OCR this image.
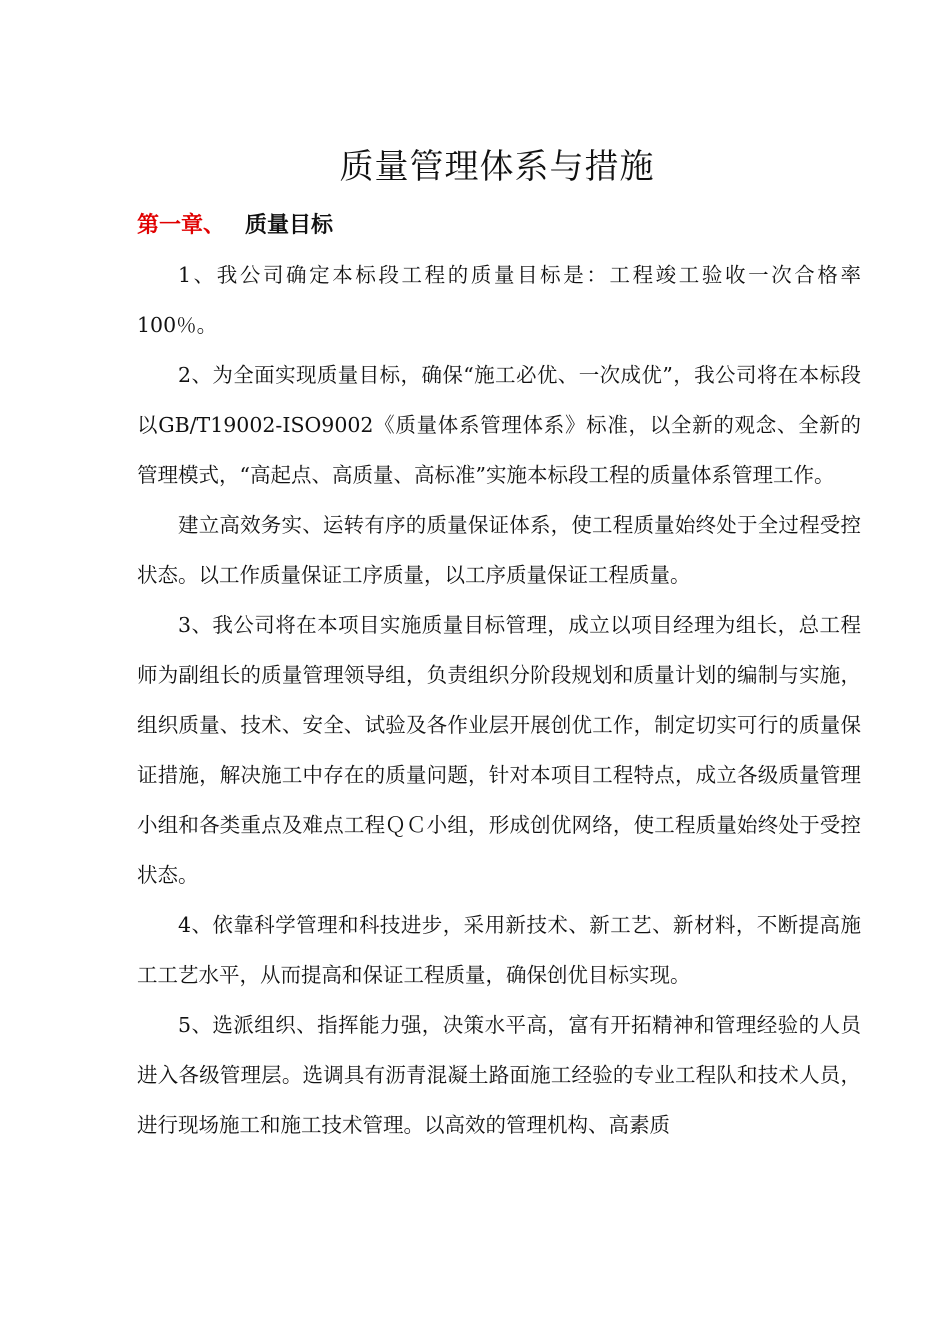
质量管理体系与措施
第一章、 质量目标

1、我公司确定本标段工程的质量目标是：工程竣工验收一次合格率100％。

2、为全面实现质量目标，确保“施工必优、一次成优”，我公司将在本标段以GB/T19002-ISO9002《质量体系管理体系》标准，以全新的观念、全新的管理模式，“高起点、高质量、高标准”实施本标段工程的质量体系管理工作。

建立高效务实、运转有序的质量保证体系，使工程质量始终处于全过程受控状态。以工作质量保证工序质量，以工序质量保证工程质量。

3、我公司将在本项目实施质量目标管理，成立以项目经理为组长，总工程师为副组长的质量管理领导组，负责组织分阶段规划和质量计划的编制与实施，组织质量、技术、安全、试验及各作业层开展创优工作，制定切实可行的质量保证措施，解决施工中存在的质量问题，针对本项目工程特点，成立各级质量管理小组和各类重点及难点工程ＱＣ小组，形成创优网络，使工程质量始终处于受控状态。

4、依靠科学管理和科技进步，采用新技术、新工艺、新材料，不断提高施工工艺水平，从而提高和保证工程质量，确保创优目标实现。

5、选派组织、指挥能力强，决策水平高，富有开拓精神和管理经验的人员进入各级管理层。选调具有沥青混凝土路面施工经验的专业工程队和技术人员，进行现场施工和施工技术管理。以高效的管理机构、高素质
